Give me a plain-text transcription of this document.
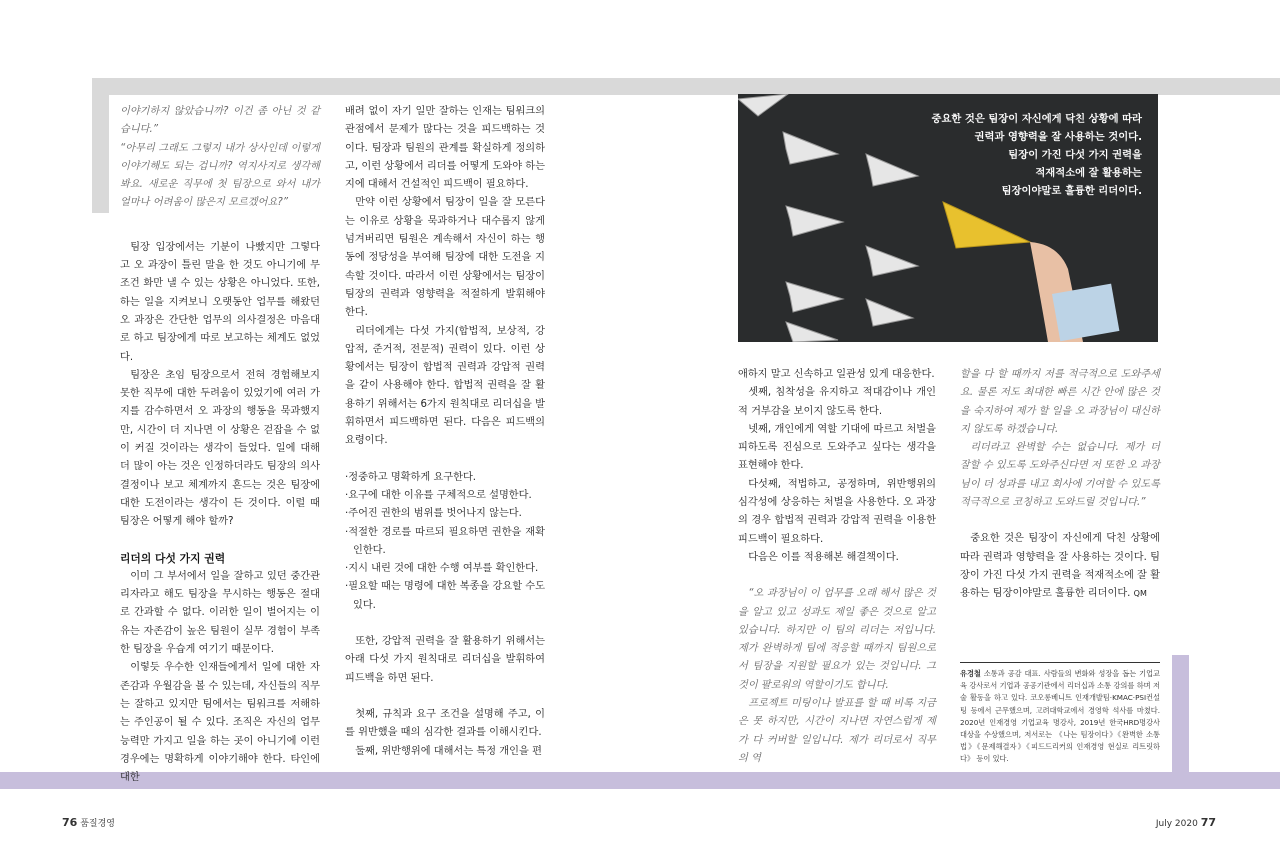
이야기하지 않았습니까? 이건 좀 아닌 것 같습니다.”

“아무리 그래도 그렇지 내가 상사인데 이렇게 이야기해도 되는 겁니까? 역지사지로 생각해 봐요. 새로운 직무에 첫 팀장으로 와서 내가 얼마나 어려움이 많은지 모르겠어요?”

팀장 입장에서는 기분이 나빴지만 그렇다고 오 과장이 틀린 말을 한 것도 아니기에 무조건 화만 낼 수 있는 상황은 아니었다. 또한, 하는 일을 지켜보니 오랫동안 업무를 해왔던 오 과장은 간단한 업무의 의사결정은 마음대로 하고 팀장에게 따로 보고하는 체계도 없었다.

팀장은 초임 팀장으로서 전혀 경험해보지 못한 직무에 대한 두려움이 있었기에 여러 가지를 감수하면서 오 과장의 행동을 묵과했지만, 시간이 더 지나면 이 상황은 걷잡을 수 없이 커질 것이라는 생각이 들었다. 일에 대해 더 많이 아는 것은 인정하더라도 팀장의 의사결정이나 보고 체계까지 흔드는 것은 팀장에 대한 도전이라는 생각이 든 것이다. 이럴 때 팀장은 어떻게 해야 할까?

리더의 다섯 가지 권력

이미 그 부서에서 일을 잘하고 있던 중간관리자라고 해도 팀장을 무시하는 행동은 절대로 간과할 수 없다. 이러한 일이 벌어지는 이유는 자존감이 높은 팀원이 실무 경험이 부족한 팀장을 우습게 여기기 때문이다.

이렇듯 우수한 인재들에게서 일에 대한 자존감과 우월감을 볼 수 있는데, 자신들의 직무는 잘하고 있지만 팀에서는 팀워크를 저해하는 주인공이 될 수 있다. 조직은 자신의 업무능력만 가지고 일을 하는 곳이 아니기에 이런 경우에는 명확하게 이야기해야 한다. 타인에 대한

배려 없이 자기 일만 잘하는 인재는 팀워크의 관점에서 문제가 많다는 것을 피드백하는 것이다. 팀장과 팀원의 관계를 확실하게 정의하고, 이런 상황에서 리더를 어떻게 도와야 하는지에 대해서 건설적인 피드백이 필요하다.

만약 이런 상황에서 팀장이 일을 잘 모른다는 이유로 상황을 묵과하거나 대수롭지 않게 넘겨버리면 팀원은 계속해서 자신이 하는 행동에 정당성을 부여해 팀장에 대한 도전을 지속할 것이다. 따라서 이런 상황에서는 팀장이 팀장의 권력과 영향력을 적절하게 발휘해야 한다.

리더에게는 다섯 가지(합법적, 보상적, 강압적, 준거적, 전문적) 권력이 있다. 이런 상황에서는 팀장이 합법적 권력과 강압적 권력을 같이 사용해야 한다. 합법적 권력을 잘 활용하기 위해서는 6가지 원칙대로 리더십을 발휘하면서 피드백하면 된다. 다음은 피드백의 요령이다.

·정중하고 명확하게 요구한다.
·요구에 대한 이유를 구체적으로 설명한다.
·주어진 권한의 범위를 벗어나지 않는다.
·적절한 경로를 따르되 필요하면 권한을 재확인한다.
·지시 내린 것에 대한 수행 여부를 확인한다.
·필요할 때는 명령에 대한 복종을 강요할 수도 있다.

또한, 강압적 권력을 잘 활용하기 위해서는 아래 다섯 가지 원칙대로 리더십을 발휘하여 피드백을 하면 된다.

첫째, 규칙과 요구 조건을 설명해 주고, 이를 위반했을 때의 심각한 결과를 이해시킨다.

둘째, 위반행위에 대해서는 특정 개인을 편

중요한 것은 팀장이 자신에게 닥친 상황에 따라
권력과 영향력을 잘 사용하는 것이다.
팀장이 가진 다섯 가지 권력을
적재적소에 잘 활용하는
팀장이야말로 훌륭한 리더이다.

애하지 말고 신속하고 일관성 있게 대응한다.

셋째, 침착성을 유지하고 적대감이나 개인적 거부감을 보이지 않도록 한다.

넷째, 개인에게 역할 기대에 따르고 처벌을 피하도록 진심으로 도와주고 싶다는 생각을 표현해야 한다.

다섯째, 적법하고, 공정하며, 위반행위의 심각성에 상응하는 처벌을 사용한다. 오 과장의 경우 합법적 권력과 강압적 권력을 이용한 피드백이 필요하다.

다음은 이를 적용해본 해결책이다.

“오 과장님이 이 업무를 오래 해서 많은 것을 알고 있고 성과도 제일 좋은 것으로 알고 있습니다. 하지만 이 팀의 리더는 저입니다. 제가 완벽하게 팀에 적응할 때까지 팀원으로서 팀장을 지원할 필요가 있는 것입니다. 그것이 팔로워의 역할이기도 합니다.

프로젝트 미팅이나 발표를 할 때 비록 지금은 못 하지만, 시간이 지나면 자연스럽게 제가 다 커버할 일입니다. 제가 리더로서 직무의 역

할을 다 할 때까지 저를 적극적으로 도와주세요. 물론 저도 최대한 빠른 시간 안에 많은 것을 숙지하여 제가 할 일을 오 과장님이 대신하지 않도록 하겠습니다.

리더라고 완벽할 수는 없습니다. 제가 더 잘할 수 있도록 도와주신다면 저 또한 오 과장님이 더 성과를 내고 회사에 기여할 수 있도록 적극적으로 코칭하고 도와드릴 것입니다.”

중요한 것은 팀장이 자신에게 닥친 상황에 따라 권력과 영향력을 잘 사용하는 것이다. 팀장이 가진 다섯 가지 권력을 적재적소에 잘 활용하는 팀장이야말로 훌륭한 리더이다. QM

유경철 소통과 공감 대표. 사람들의 변화와 성장을 돕는 기업교육 강사로서 기업과 공공기관에서 리더십과 소통 강의를 하며 저술 활동을 하고 있다. 코오롱베니트 인재개발팀·KMAC·PSI컨설팅 등에서 근무했으며, 고려대학교에서 경영학 석사를 마쳤다. 2020년 인재경영 기업교육 명강사, 2019년 한국HRD명강사 대상을 수상했으며, 저서로는 《나는 팀장이다》《완벽한 소통법》《문제해결자》《피드드리커의 인재경영 현실로 리트릿하다》 등이 있다.
76 품질경영	July 2020 77
